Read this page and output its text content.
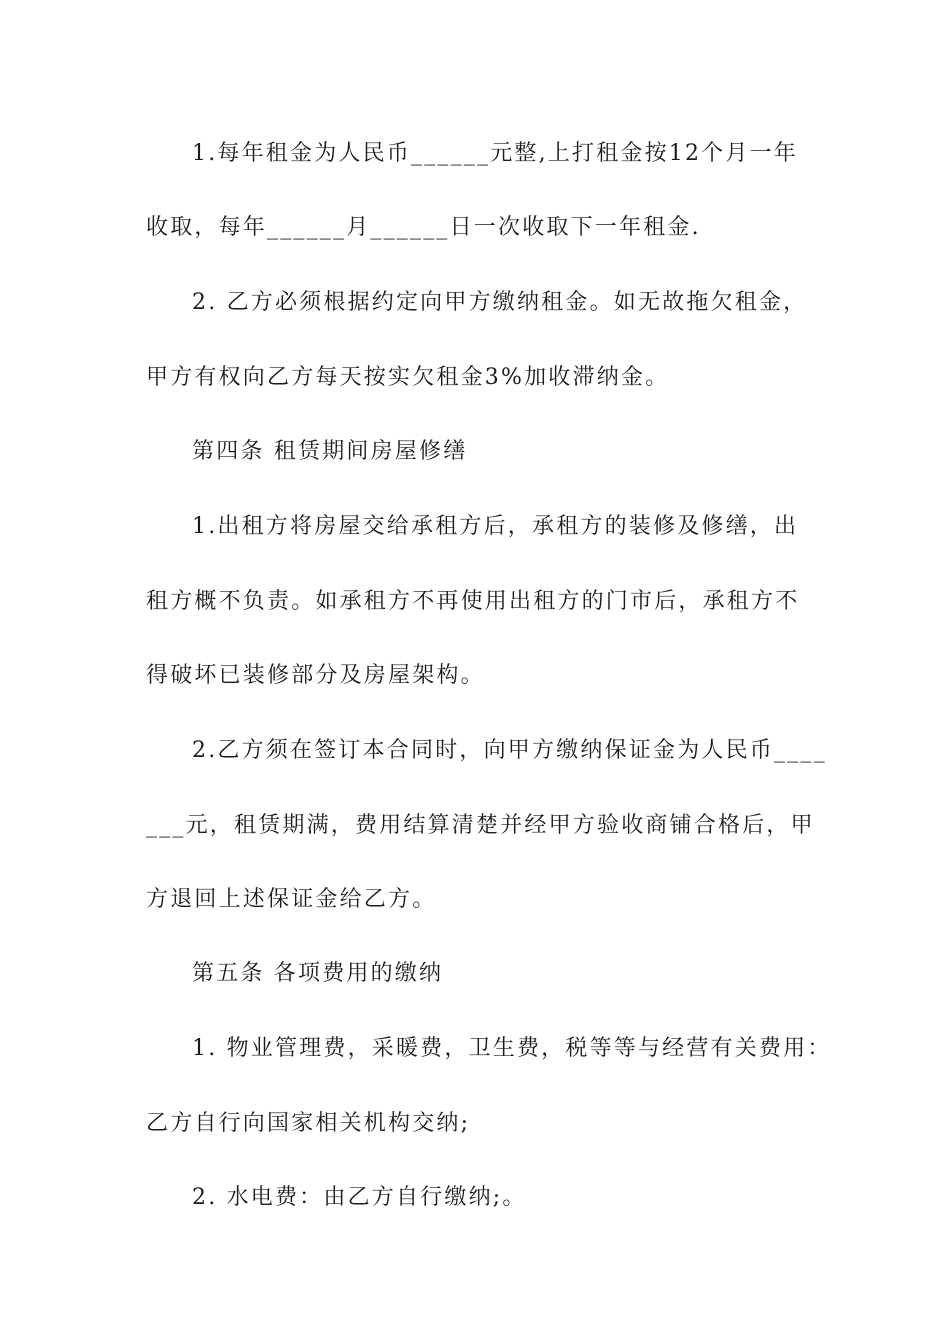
1.每年租金为人民币______元整,上打租金按12个月一年
收取，每年______月______日一次收取下一年租金.
2. 乙方必须根据约定向甲方缴纳租金。如无故拖欠租金，
甲方有权向乙方每天按实欠租金3%加收滞纳金。
第四条 租赁期间房屋修缮
1.出租方将房屋交给承租方后，承租方的装修及修缮，出
租方概不负责。如承租方不再使用出租方的门市后，承租方不
得破坏已装修部分及房屋架构。
2.乙方须在签订本合同时，向甲方缴纳保证金为人民币____
___元，租赁期满，费用结算清楚并经甲方验收商铺合格后，甲
方退回上述保证金给乙方。
第五条 各项费用的缴纳
1. 物业管理费，采暖费，卫生费，税等等与经营有关费用：
乙方自行向国家相关机构交纳;
2. 水电费：由乙方自行缴纳;。
